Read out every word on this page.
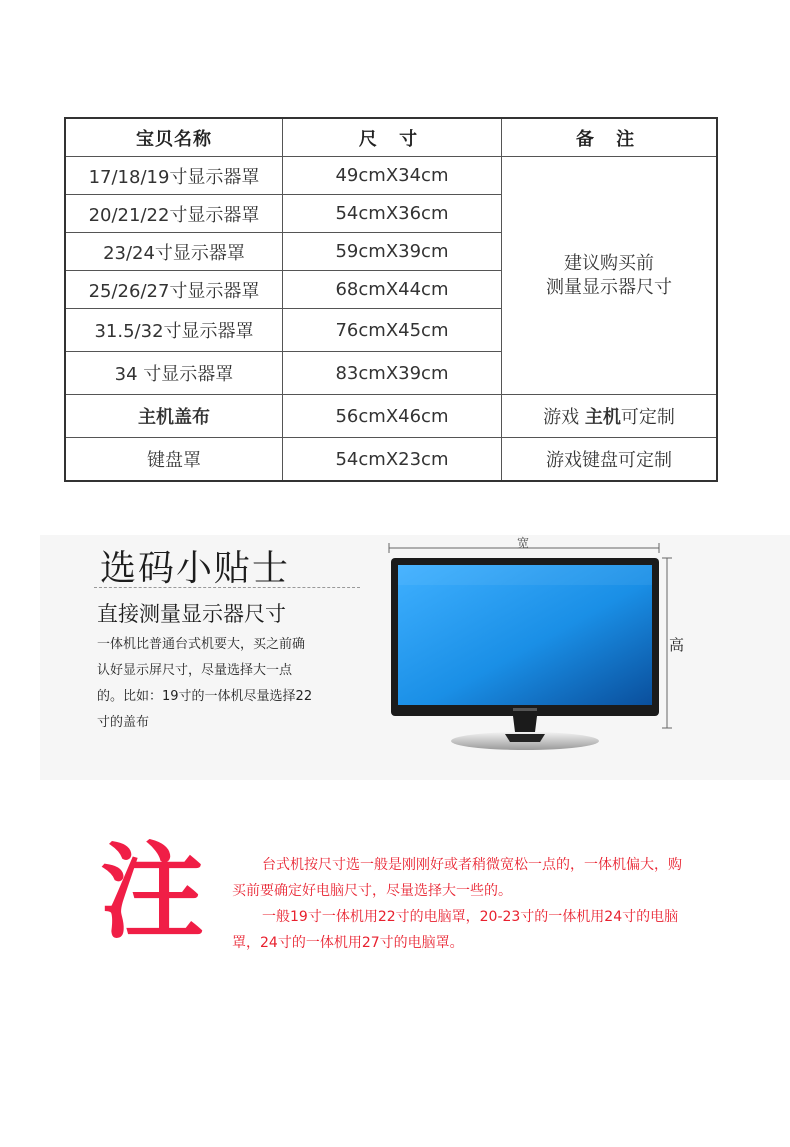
宝贝名称	尺 寸	备 注
17/18/19寸显示器罩	49cmX34cm	建议购买前
测量显示器尺寸

20/21/22寸显示器罩	54cmX36cm	
23/24寸显示器罩	59cmX39cm	
25/26/27寸显示器罩	68cmX44cm	
31.5/32寸显示器罩	76cmX45cm	
34 寸显示器罩	83cmX39cm	
主机盖布	56cmX46cm	游戏 主机可定制
键盘罩	54cmX23cm	游戏键盘可定制
选码小贴士
直接测量显示器尺寸
一体机比普通台式机要大，买之前确认好显示屏尺寸，尽量选择大一点的。比如：19寸的一体机尽量选择22寸的盖布
宽
高
注	台式机按尺寸选一般是刚刚好或者稍微宽松一点的，一体机偏大，购买前要确定好电脑尺寸，尽量选择大一些的。

一般19寸一体机用22寸的电脑罩，20-23寸的一体机用24寸的电脑罩，24寸的一体机用27寸的电脑罩。
